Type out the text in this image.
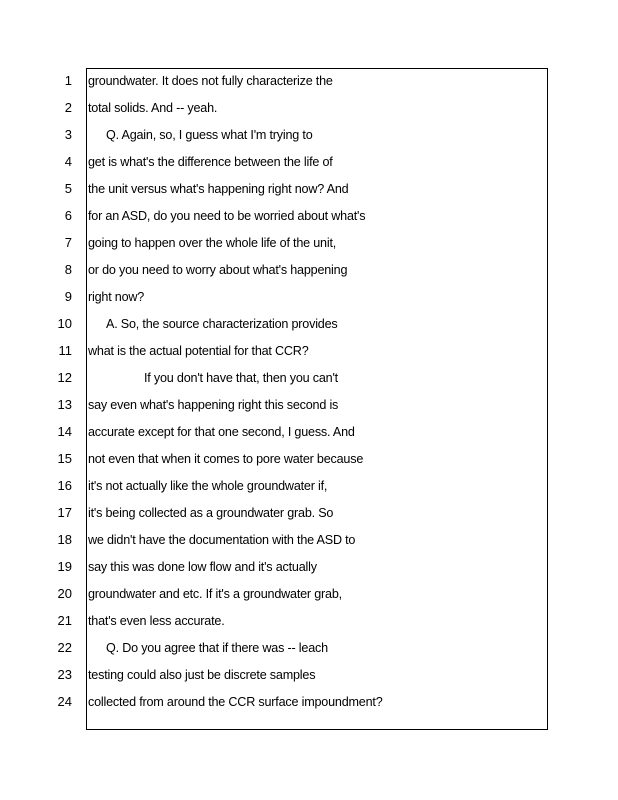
1
2
3
4
5
6
7
8
9
10
11
12
13
14
15
16
17
18
19
20
21
22
23
24
groundwater. It does not fully characterize the
total solids. And -- yeah.
Q. Again, so, I guess what I'm trying to
get is what's the difference between the life of
the unit versus what's happening right now? And
for an ASD, do you need to be worried about what's
going to happen over the whole life of the unit,
or do you need to worry about what's happening
right now?
A. So, the source characterization provides
what is the actual potential for that CCR?
If you don't have that, then you can't
say even what's happening right this second is
accurate except for that one second, I guess. And
not even that when it comes to pore water because
it's not actually like the whole groundwater if,
it's being collected as a groundwater grab. So
we didn't have the documentation with the ASD to
say this was done low flow and it's actually
groundwater and etc. If it's a groundwater grab,
that's even less accurate.
Q. Do you agree that if there was -- leach
testing could also just be discrete samples
collected from around the CCR surface impoundment?
